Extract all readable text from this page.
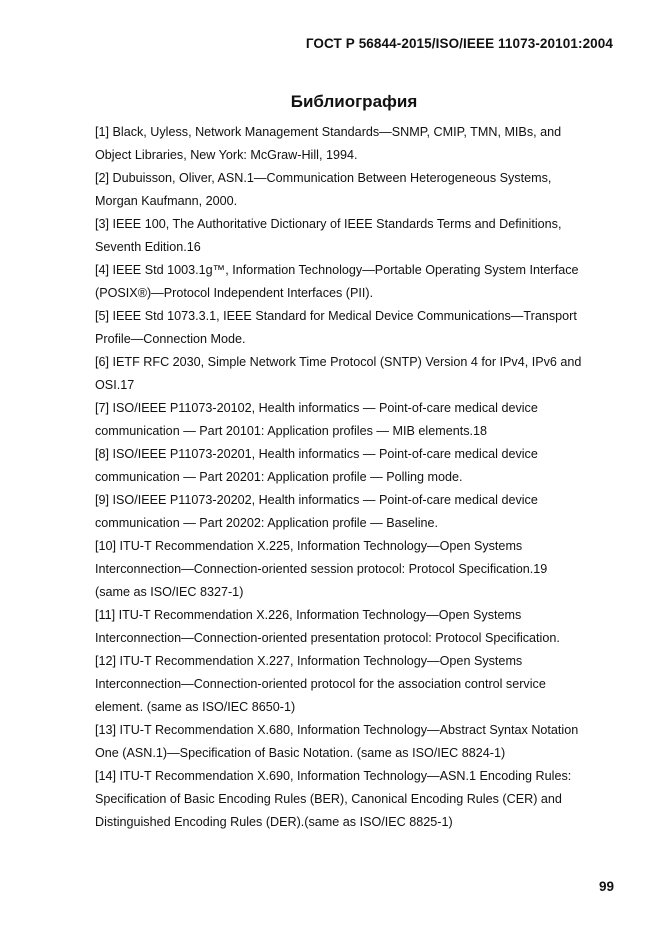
ГОСТ Р 56844-2015/ISO/IEEE 11073-20101:2004
Библиография
[1] Black, Uyless, Network Management Standards—SNMP, CMIP, TMN, MIBs, and
Object Libraries, New York: McGraw-Hill, 1994.
[2] Dubuisson, Oliver, ASN.1—Communication Between Heterogeneous Systems,
Morgan Kaufmann, 2000.
[3] IEEE 100, The Authoritative Dictionary of IEEE Standards Terms and Definitions,
Seventh Edition.16
[4] IEEE Std 1003.1g™, Information Technology—Portable Operating System Interface
(POSIX®)—Protocol Independent Interfaces (PII).
[5] IEEE Std 1073.3.1, IEEE Standard for Medical Device Communications—Transport
Profile—Connection Mode.
[6] IETF RFC 2030, Simple Network Time Protocol (SNTP) Version 4 for IPv4, IPv6 and
OSI.17
[7] ISO/IEEE P11073-20102, Health informatics — Point-of-care medical device
communication — Part 20101: Application profiles — MIB elements.18
[8] ISO/IEEE P11073-20201, Health informatics — Point-of-care medical device
communication — Part 20201: Application profile — Polling mode.
[9] ISO/IEEE P11073-20202, Health informatics — Point-of-care medical device
communication — Part 20202: Application profile — Baseline.
[10] ITU-T Recommendation X.225, Information Technology—Open Systems
Interconnection—Connection-oriented session protocol: Protocol Specification.19
(same as ISO/IEC 8327-1)
[11] ITU-T Recommendation X.226, Information Technology—Open Systems
Interconnection—Connection-oriented presentation protocol: Protocol Specification.
[12] ITU-T Recommendation X.227, Information Technology—Open Systems
Interconnection—Connection-oriented protocol for the association control service
element. (same as ISO/IEC 8650-1)
[13] ITU-T Recommendation X.680, Information Technology—Abstract Syntax Notation
One (ASN.1)—Specification of Basic Notation. (same as ISO/IEC 8824-1)
[14] ITU-T Recommendation X.690, Information Technology—ASN.1 Encoding Rules:
Specification of Basic Encoding Rules (BER), Canonical Encoding Rules (CER) and
Distinguished Encoding Rules (DER).(same as ISO/IEC 8825-1)
99
